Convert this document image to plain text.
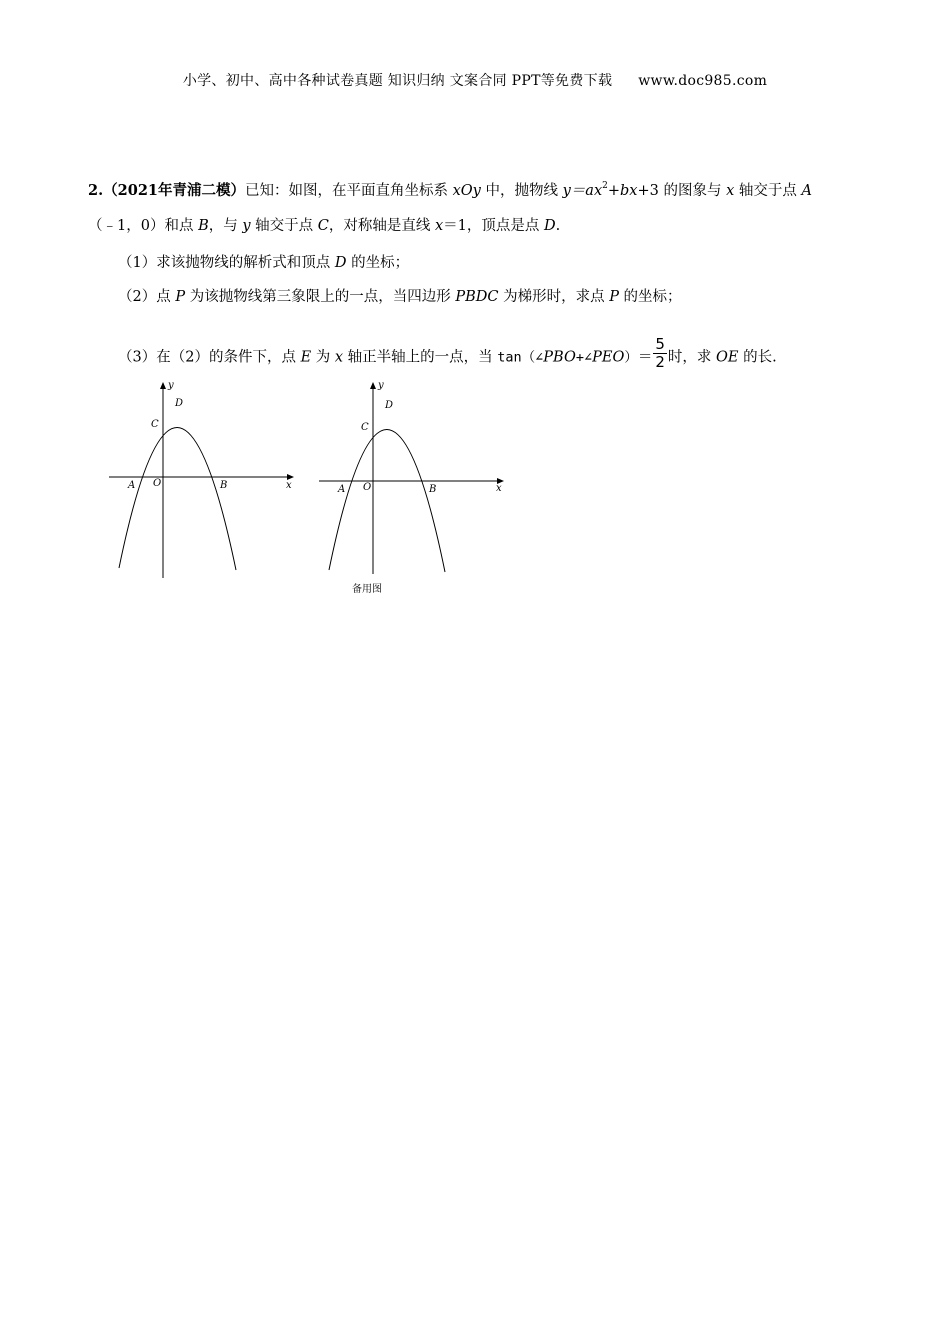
小学、初中、高中各种试卷真题 知识归纳 文案合同 PPT等免费下载 www.doc985.com
2.（2021年青浦二模）已知：如图，在平面直角坐标系 xOy 中，抛物线 $y=ax^2+bx+3$ 的图象与 x 轴交于点 A
（﹣1，0）和点 B，与 y 轴交于点 C，对称轴是直线 x＝1，顶点是点 D.
（1）求该抛物线的解析式和顶点 D 的坐标；
（2）点 P 为该抛物线第三象限上的一点，当四边形 PBDC 为梯形时，求点 P 的坐标；
（3）在（2）的条件下，点 E 为 x 轴正半轴上的一点，当 tan（∠PBO+∠PEO）＝ $\frac{5}{2}$ 时，求 OE 的长.
y
x
D
C
A O	B
y
x
D
C
A O	B
备用图
